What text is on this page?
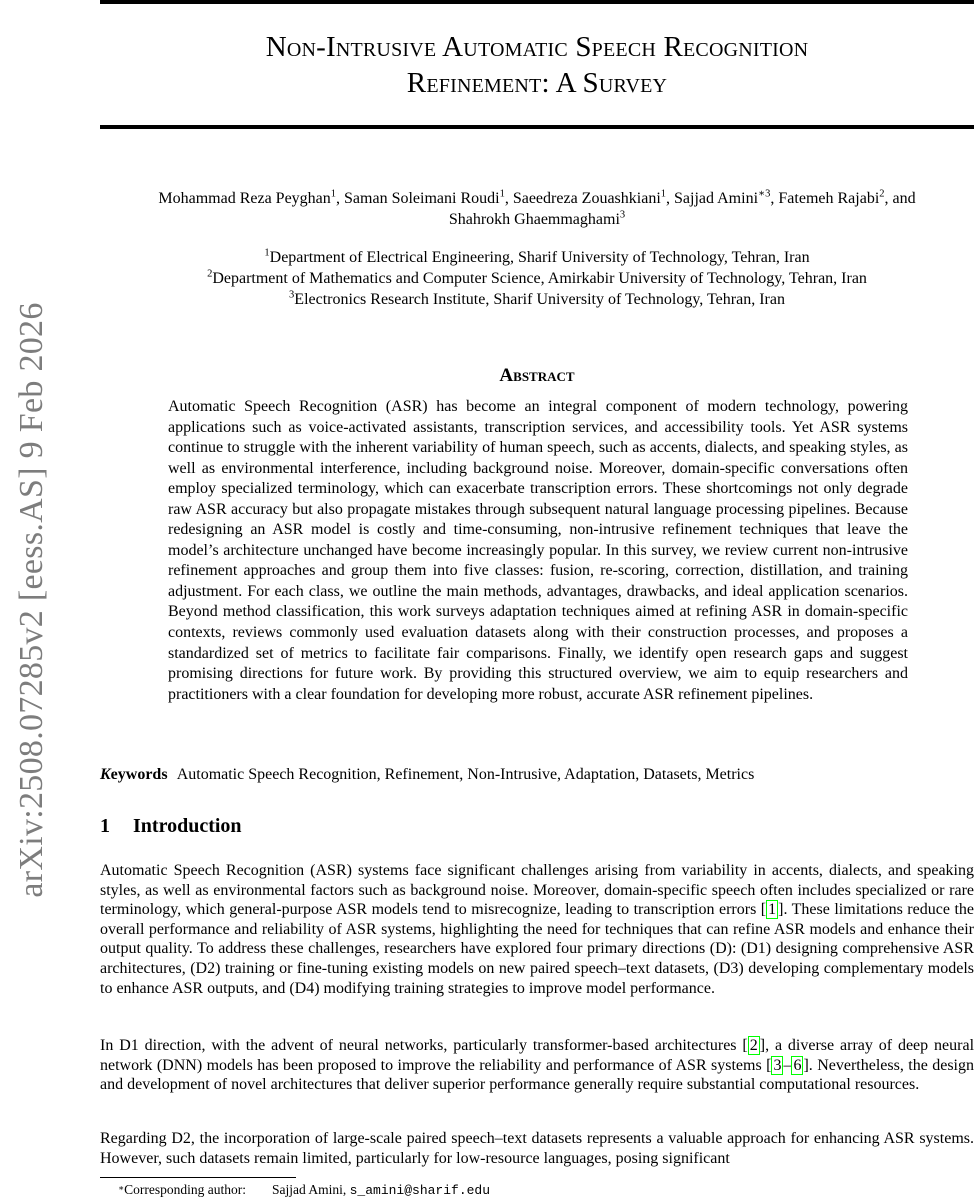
Non-Intrusive Automatic Speech Recognition
Refinement: A Survey
arXiv:2508.07285v2 [eess.AS] 9 Feb 2026
Mohammad Reza Peyghan$^1$, Saman Soleimani Roudi$^1$, Saeedreza Zouashkiani$^1$, Sajjad Amini$^{∗3}$, Fatemeh Rajabi$^2$, and
Shahrokh Ghaemmaghami$^3$
$^1$Department of Electrical Engineering, Sharif University of Technology, Tehran, Iran
$^2$Department of Mathematics and Computer Science, Amirkabir University of Technology, Tehran, Iran
$^3$Electronics Research Institute, Sharif University of Technology, Tehran, Iran
Abstract
Automatic Speech Recognition (ASR) has become an integral component of modern technology, powering applications such as voice-activated assistants, transcription services, and accessibility tools. Yet ASR systems continue to struggle with the inherent variability of human speech, such as accents, dialects, and speaking styles, as well as environmental interference, including background noise. Moreover, domain-specific conversations often employ specialized terminology, which can exacerbate transcription errors. These shortcomings not only degrade raw ASR accuracy but also propagate mistakes through subsequent natural language processing pipelines. Because redesigning an ASR model is costly and time-consuming, non-intrusive refinement techniques that leave the model’s architecture unchanged have become increasingly popular. In this survey, we review current non-intrusive refinement approaches and group them into five classes: fusion, re-scoring, correction, distillation, and training adjustment. For each class, we outline the main methods, advantages, drawbacks, and ideal application scenarios. Beyond method classification, this work surveys adaptation techniques aimed at refining ASR in domain-specific contexts, reviews commonly used evaluation datasets along with their construction processes, and proposes a standardized set of metrics to facilitate fair comparisons. Finally, we identify open research gaps and suggest promising directions for future work. By providing this structured overview, we aim to equip researchers and practitioners with a clear foundation for developing more robust, accurate ASR refinement pipelines.
Keywords Automatic Speech Recognition, Refinement, Non-Intrusive, Adaptation, Datasets, Metrics
1 Introduction
Automatic Speech Recognition (ASR) systems face significant challenges arising from variability in accents, dialects, and speaking styles, as well as environmental factors such as background noise. Moreover, domain-specific speech often includes specialized or rare terminology, which general-purpose ASR models tend to misrecognize, leading to transcription errors [ 1 ]. These limitations reduce the overall performance and reliability of ASR systems, highlighting the need for techniques that can refine ASR models and enhance their output quality. To address these challenges, researchers have explored four primary directions (D): (D1) designing comprehensive ASR architectures, (D2) training or fine-tuning existing models on new paired speech–text datasets, (D3) developing complementary models to enhance ASR outputs, and (D4) modifying training strategies to improve model performance.
In D1 direction, with the advent of neural networks, particularly transformer-based architectures [ 2 ], a diverse array of deep neural network (DNN) models has been proposed to improve the reliability and performance of ASR systems [ 3 – 6 ]. Nevertheless, the design and development of novel architectures that deliver superior performance generally require substantial computational resources.
Regarding D2, the incorporation of large-scale paired speech–text datasets represents a valuable approach for enhancing ASR systems. However, such datasets remain limited, particularly for low-resource languages, posing significant
∗Corresponding author: Sajjad Amini, s_amini@sharif.edu
